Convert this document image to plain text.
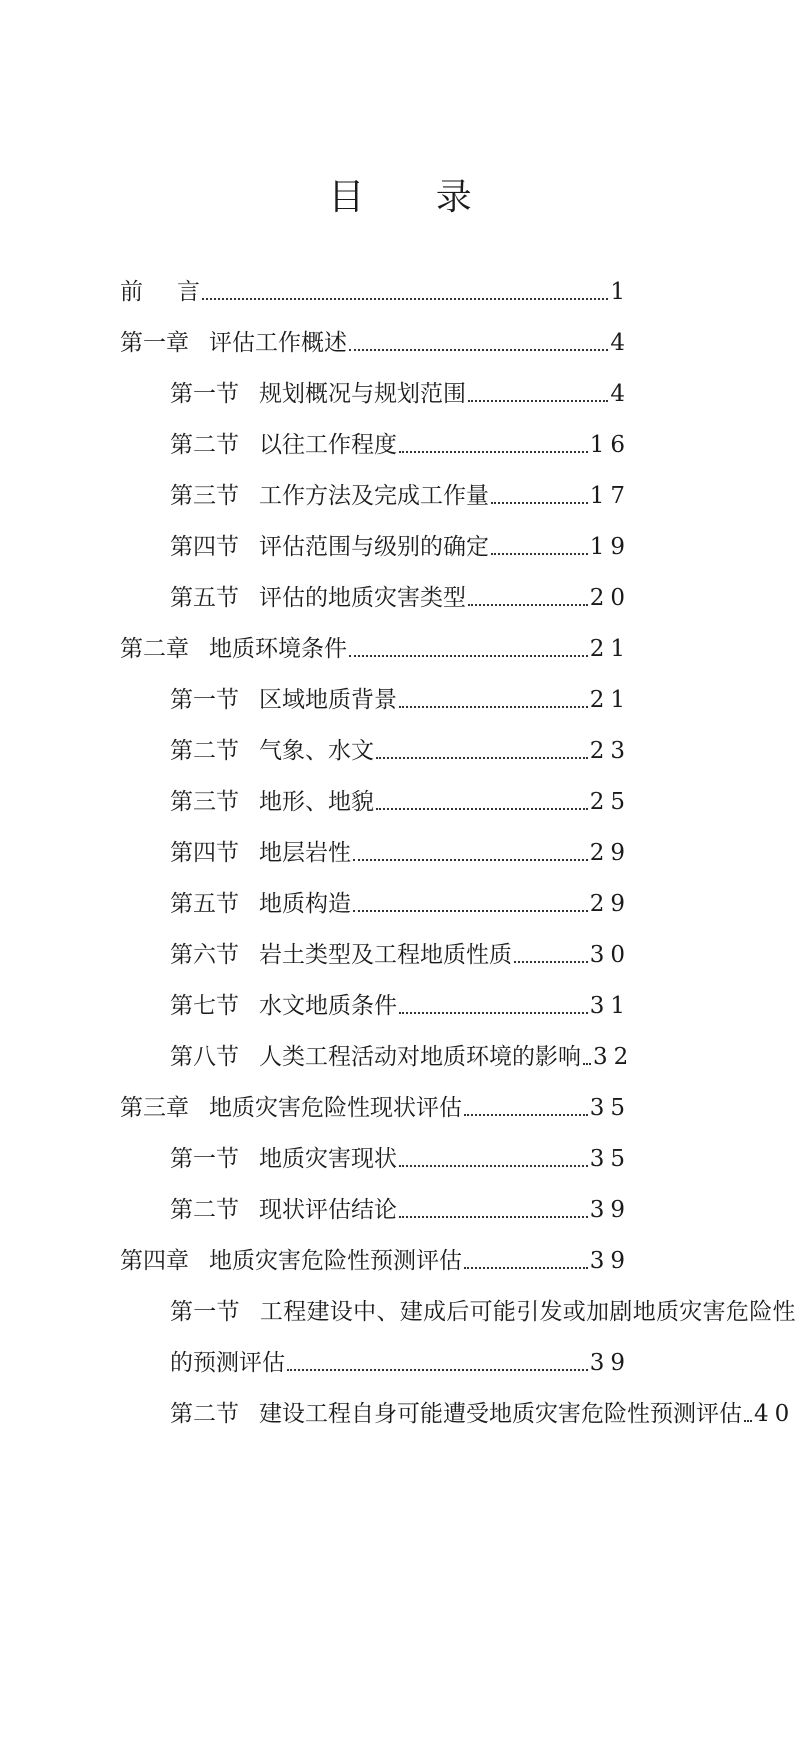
目 录
前 言	1
第一章 评估工作概述	4
第一节 规划概况与规划范围	4
第二节 以往工作程度	16
第三节 工作方法及完成工作量	17
第四节 评估范围与级别的确定	19
第五节 评估的地质灾害类型	20
第二章 地质环境条件	21
第一节 区域地质背景	21
第二节 气象、水文	23
第三节 地形、地貌	25
第四节 地层岩性	29
第五节 地质构造	29
第六节 岩土类型及工程地质性质	30
第七节 水文地质条件	31
第八节 人类工程活动对地质环境的影响 32
第三章 地质灾害危险性现状评估	35
第一节 地质灾害现状	35
第二节 现状评估结论	39
第四章 地质灾害危险性预测评估	39
第一节 工程建设中、建成后可能引发或加剧地质灾害危险性
的预测评估	39
第二节 建设工程自身可能遭受地质灾害危险性预测评估 40
